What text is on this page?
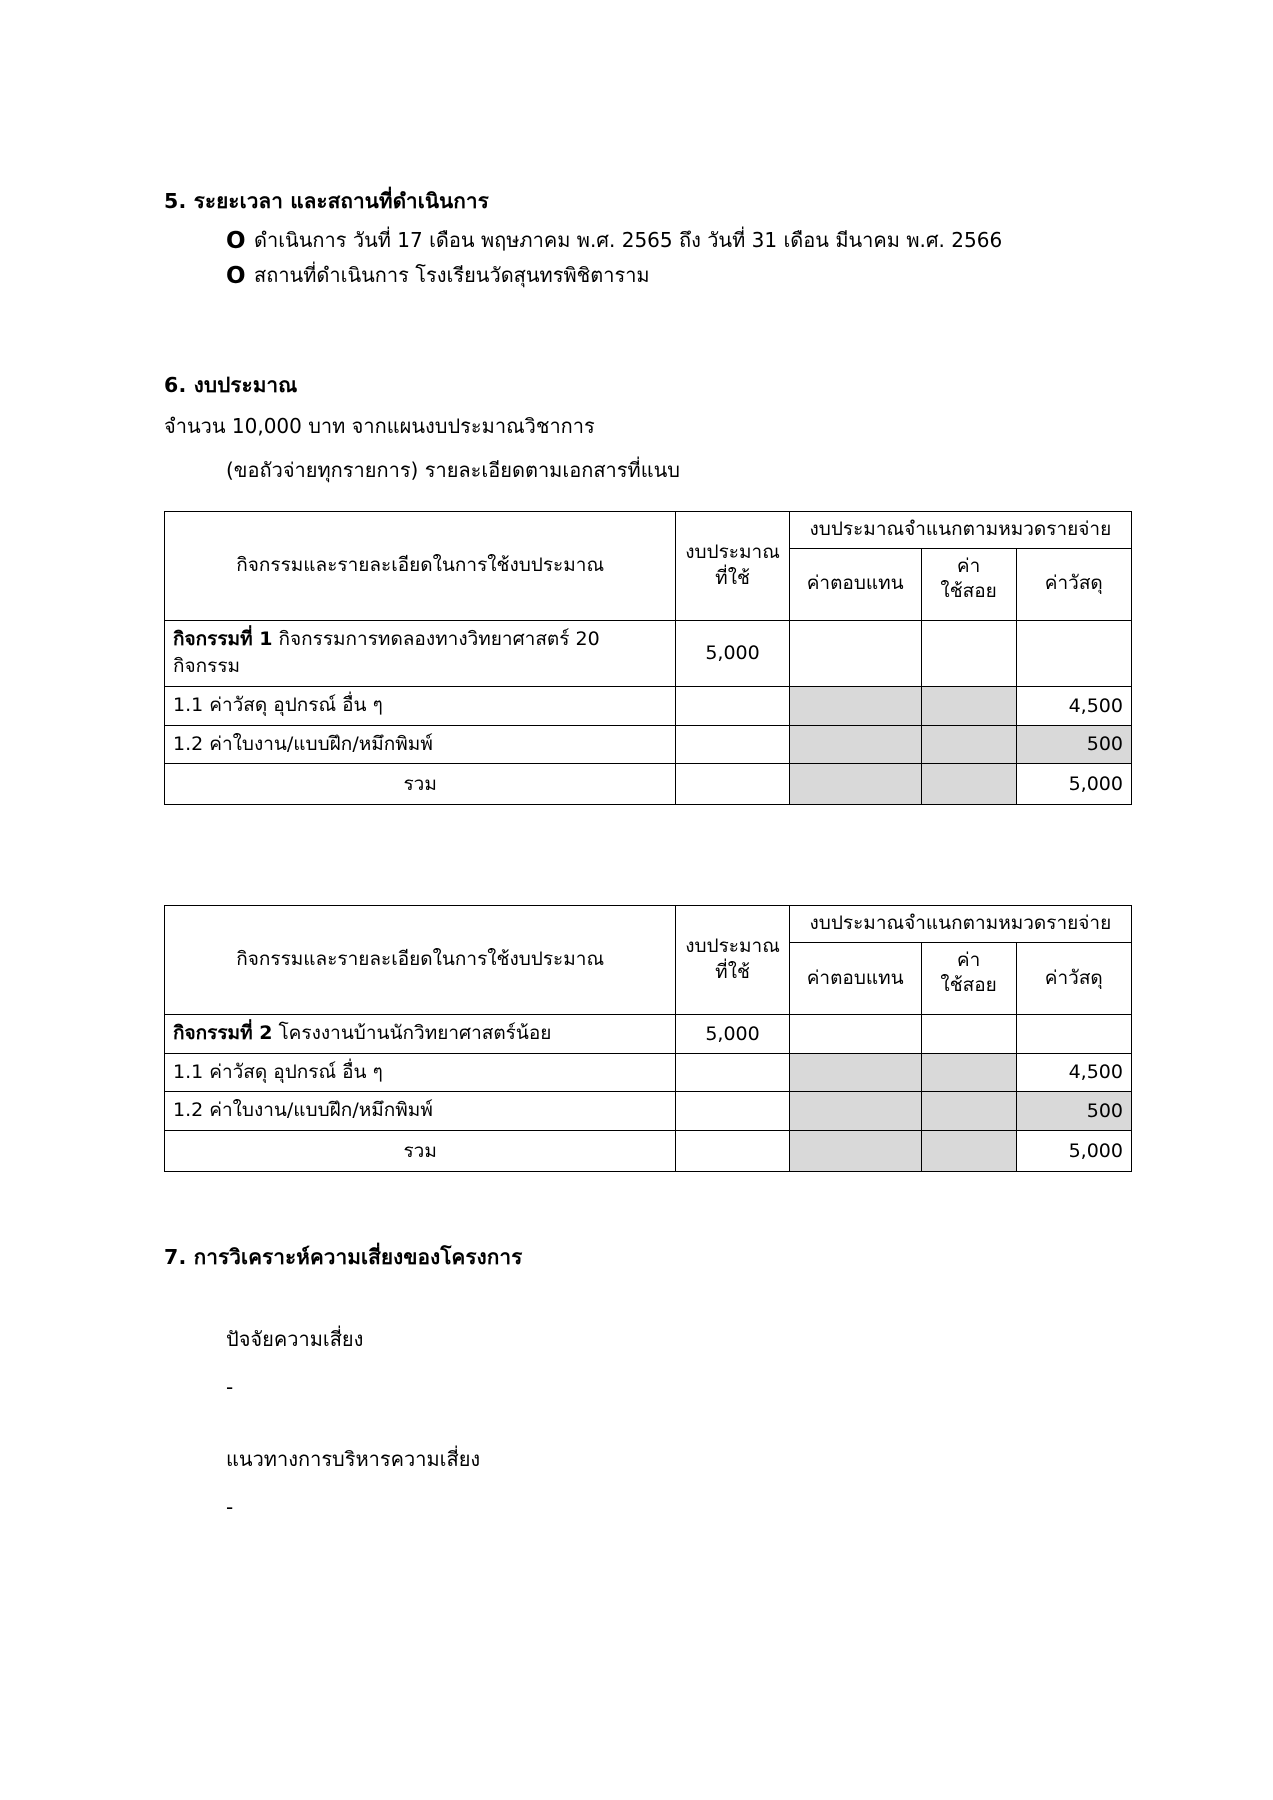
5. ระยะเวลา และสถานที่ดำเนินการ
O ดำเนินการ วันที่ 17 เดือน พฤษภาคม พ.ศ. 2565 ถึง วันที่ 31 เดือน มีนาคม พ.ศ. 2566
O สถานที่ดำเนินการ โรงเรียนวัดสุนทรพิชิตาราม
6. งบประมาณ

จำนวน 10,000 บาท จากแผนงบประมาณวิชาการ

(ขอถัวจ่ายทุกรายการ) รายละเอียดตามเอกสารที่แนบ

กิจกรรมและรายละเอียดในการใช้งบประมาณ	งบประมาณที่ใช้	งบประมาณจำแนกตามหมวดรายจ่าย		
		ค่าตอบแทน	ค่าใช้สอย	ค่าวัสดุ

กิจกรรมที่ 1 กิจกรรมการทดลองทางวิทยาศาสตร์ 20 กิจกรรม	5,000			
1.1 ค่าวัสดุ อุปกรณ์ อื่น ๆ				4,500
1.2 ค่าใบงาน/แบบฝึก/หมึกพิมพ์				500
รวม				5,000
กิจกรรมและรายละเอียดในการใช้งบประมาณ	งบประมาณที่ใช้	งบประมาณจำแนกตามหมวดรายจ่าย		
		ค่าตอบแทน	ค่าใช้สอย	ค่าวัสดุ

กิจกรรมที่ 2 โครงงานบ้านนักวิทยาศาสตร์น้อย	5,000			
1.1 ค่าวัสดุ อุปกรณ์ อื่น ๆ				4,500
1.2 ค่าใบงาน/แบบฝึก/หมึกพิมพ์				500
รวม				5,000
7. การวิเคราะห์ความเสี่ยงของโครงการ
ปัจจัยความเสี่ยง
-
แนวทางการบริหารความเสี่ยง
-
